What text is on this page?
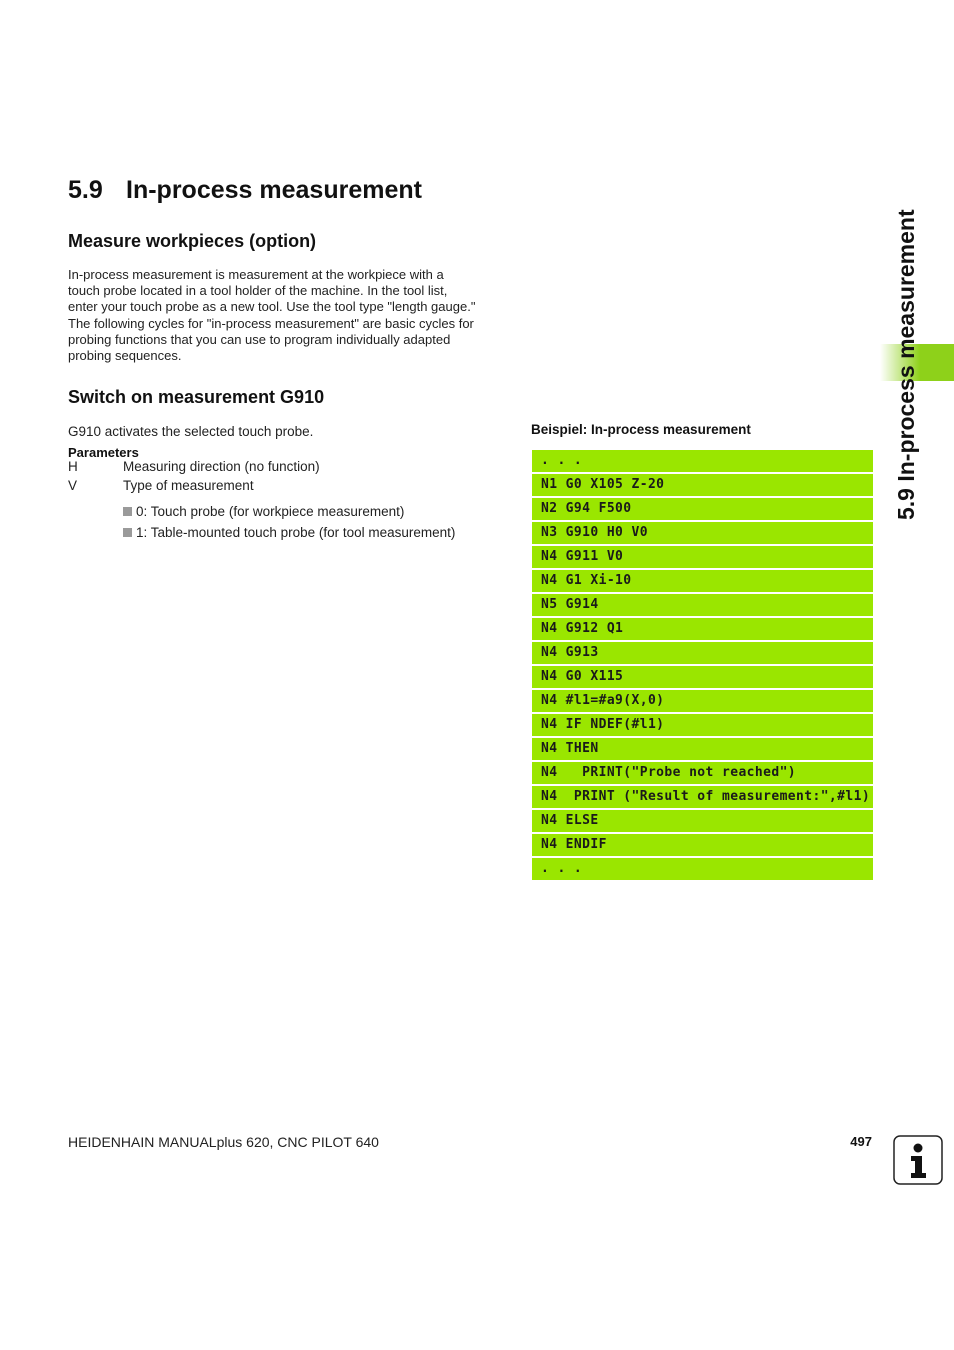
5.9 In-process measurement
Measure workpieces (option)
In-process measurement is measurement at the workpiece with a
touch probe located in a tool holder of the machine. In the tool list,
enter your touch probe as a new tool. Use the tool type "length gauge."
The following cycles for "in-process measurement" are basic cycles for
probing functions that you can use to program individually adapted
probing sequences.
Switch on measurement G910
G910 activates the selected touch probe.
Parameters
H	Measuring direction (no function)
V	Type of measurement
0: Touch probe (for workpiece measurement)
1: Table-mounted touch probe (for tool measurement)
Beispiel: In-process measurement
. . .
N1 G0 X105 Z-20
N2 G94 F500
N3 G910 H0 V0
N4 G911 V0
N4 G1 Xi-10
N5 G914
N4 G912 Q1
N4 G913
N4 G0 X115
N4 #l1=#a9(X,0)
N4 IF NDEF(#l1)
N4 THEN
N4   PRINT("Probe not reached")
N4  PRINT ("Result of measurement:",#l1)
N4 ELSE
N4 ENDIF
. . .
5.9 In-process measurement
HEIDENHAIN MANUALplus 620, CNC PILOT 640	497
